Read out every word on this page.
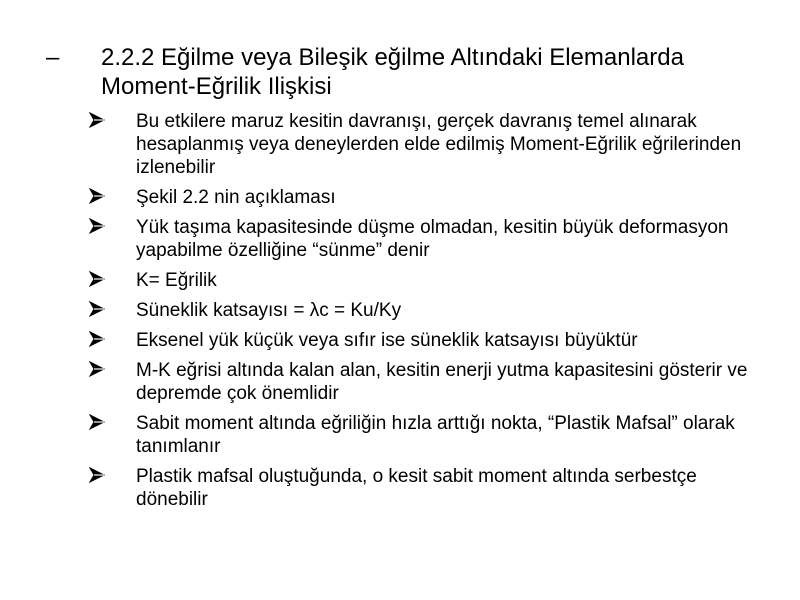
– 2.2.2 Eğilme veya Bileşik eğilme Altındaki Elemanlarda Moment-Eğrilik Ilişkisi
Bu etkilere maruz kesitin davranışı, gerçek davranış temel alınarak hesaplanmış veya deneylerden elde edilmiş Moment-Eğrilik eğrilerinden izlenebilir
Şekil 2.2 nin açıklaması
Yük taşıma kapasitesinde düşme olmadan, kesitin büyük deformasyon yapabilme özelliğine “sünme” denir
K= Eğrilik
Süneklik katsayısı = λc = Ku/Ky
Eksenel yük küçük veya sıfır ise süneklik katsayısı büyüktür
M-K eğrisi altında kalan alan, kesitin enerji yutma kapasitesini gösterir ve depremde çok önemlidir
Sabit moment altında eğriliğin hızla arttığı nokta, “Plastik Mafsal” olarak tanımlanır
Plastik mafsal oluştuğunda, o kesit sabit moment altında serbestçe dönebilir
